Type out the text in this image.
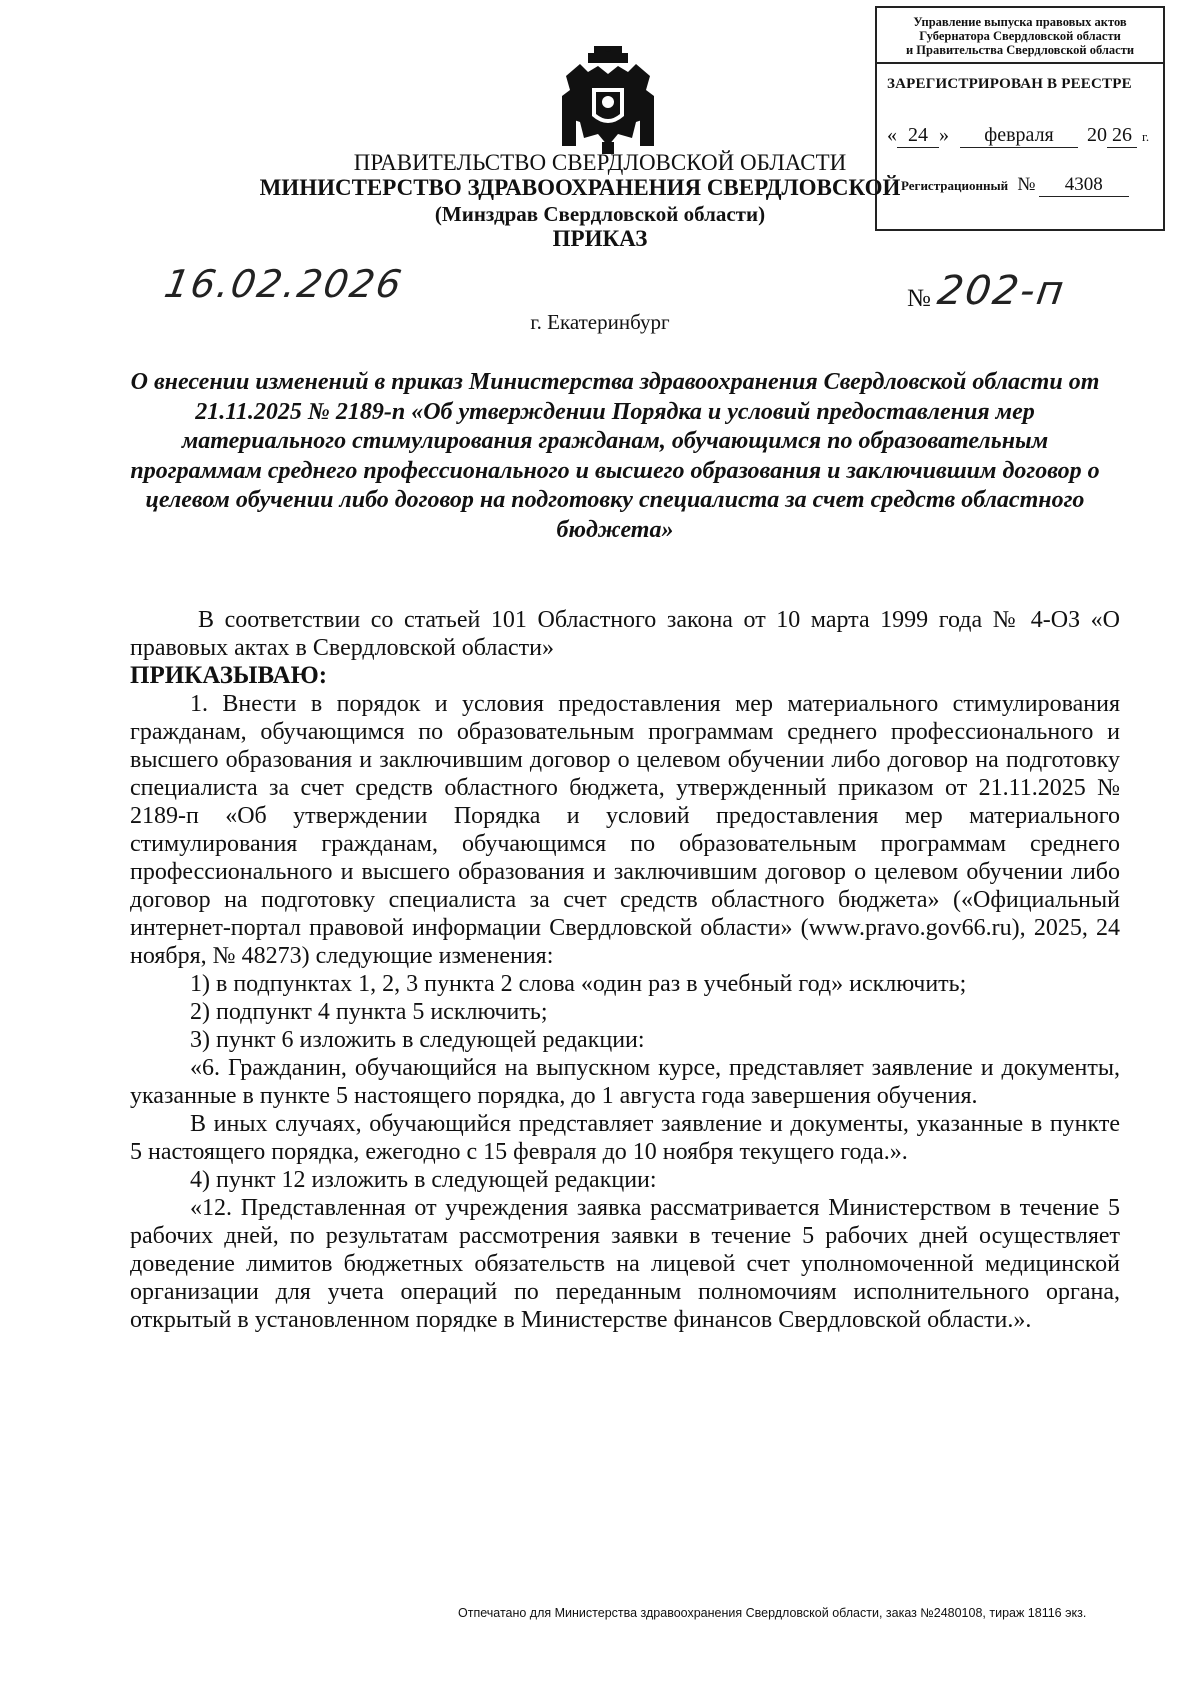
Управление выпуска правовых актов
Губернатора Свердловской области
и Правительства Свердловской области
ЗАРЕГИСТРИРОВАН В РЕЕСТРЕ
« 24 » февраля 20 26 г.
Регистрационный № 4308
ПРАВИТЕЛЬСТВО СВЕРДЛОВСКОЙ ОБЛАСТИ
МИНИСТЕРСТВО ЗДРАВООХРАНЕНИЯ СВЕРДЛОВСКОЙ
(Минздрав Свердловской области)
ПРИКАЗ
16.02.2026	№ 202-п
г. Екатеринбург
О внесении изменений в приказ Министерства здравоохранения Свердловской области от 21.11.2025 № 2189-п «Об утверждении Порядка и условий предоставления мер материального стимулирования гражданам, обучающимся по образовательным программам среднего профессионального и высшего образования и заключившим договор о целевом обучении либо договор на подготовку специалиста за счет средств областного бюджета»

В соответствии со статьей 101 Областного закона от 10 марта 1999 года № 4-ОЗ «О правовых актах в Свердловской области»

ПРИКАЗЫВАЮ:

1. Внести в порядок и условия предоставления мер материального стимулирования гражданам, обучающимся по образовательным программам среднего профессионального и высшего образования и заключившим договор о целевом обучении либо договор на подготовку специалиста за счет средств областного бюджета, утвержденный приказом от 21.11.2025 № 2189-п «Об утверждении Порядка и условий предоставления мер материального стимулирования гражданам, обучающимся по образовательным программам среднего профессионального и высшего образования и заключившим договор о целевом обучении либо договор на подготовку специалиста за счет средств областного бюджета» («Официальный интернет-портал правовой информации Свердловской области» (www.pravo.gov66.ru), 2025, 24 ноября, № 48273) следующие изменения:

1) в подпунктах 1, 2, 3 пункта 2 слова «один раз в учебный год» исключить;

2) подпункт 4 пункта 5 исключить;

3) пункт 6 изложить в следующей редакции:

«6. Гражданин, обучающийся на выпускном курсе, представляет заявление и документы, указанные в пункте 5 настоящего порядка, до 1 августа года завершения обучения.

В иных случаях, обучающийся представляет заявление и документы, указанные в пункте 5 настоящего порядка, ежегодно с 15 февраля до 10 ноября текущего года.».

4) пункт 12 изложить в следующей редакции:

«12. Представленная от учреждения заявка рассматривается Министерством в течение 5 рабочих дней, по результатам рассмотрения заявки в течение 5 рабочих дней осуществляет доведение лимитов бюджетных обязательств на лицевой счет уполномоченной медицинской организации для учета операций по переданным полномочиям исполнительного органа, открытый в установленном порядке в Министерстве финансов Свердловской области.».

Отпечатано для Министерства здравоохранения Свердловской области, заказ №2480108, тираж 18116 экз.
